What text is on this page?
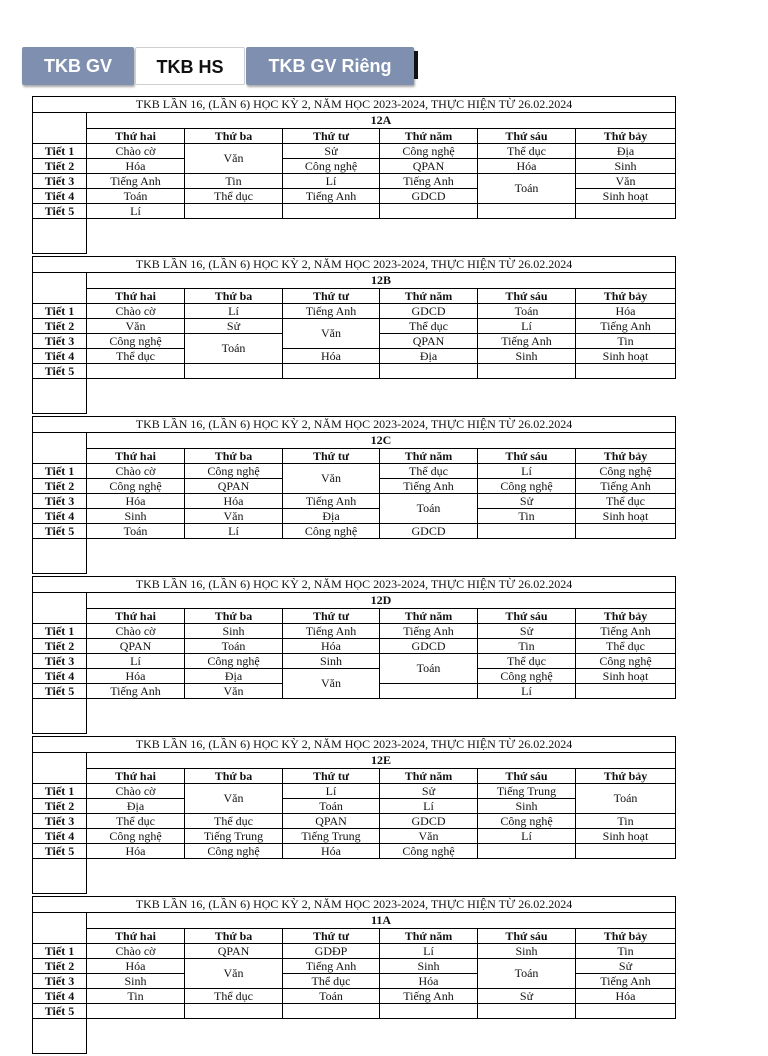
TKB GV	TKB HS	TKB GV Riêng
TKB LẦN 16, (LẦN 6) HỌC KỲ 2, NĂM HỌC 2023-2024, THỰC HIỆN TỪ 26.02.2024						
	12A					
	Thứ hai	Thứ ba	Thứ tư	Thứ năm	Thứ sáu	Thứ bảy
Tiết 1	Chào cờ	Văn	Sử	Công nghệ	Thể dục	Địa
Tiết 2	Hóa		Công nghệ	QPAN	Hóa	Sinh
Tiết 3	Tiếng Anh	Tin	Lí	Tiếng Anh	Toán	Văn
Tiết 4	Toán	Thể dục	Tiếng Anh	GDCD		Sinh hoạt
Tiết 5	Lí					

TKB LẦN 16, (LẦN 6) HỌC KỲ 2, NĂM HỌC 2023-2024, THỰC HIỆN TỪ 26.02.2024						
	12B					
	Thứ hai	Thứ ba	Thứ tư	Thứ năm	Thứ sáu	Thứ bảy
Tiết 1	Chào cờ	Lí	Tiếng Anh	GDCD	Toán	Hóa
Tiết 2	Văn	Sử	Văn	Thể dục	Lí	Tiếng Anh
Tiết 3	Công nghệ	Toán		QPAN	Tiếng Anh	Tin
Tiết 4	Thể dục		Hóa	Địa	Sinh	Sinh hoạt
Tiết 5						

TKB LẦN 16, (LẦN 6) HỌC KỲ 2, NĂM HỌC 2023-2024, THỰC HIỆN TỪ 26.02.2024						
	12C					
	Thứ hai	Thứ ba	Thứ tư	Thứ năm	Thứ sáu	Thứ bảy
Tiết 1	Chào cờ	Công nghệ	Văn	Thể dục	Lí	Công nghệ
Tiết 2	Công nghệ	QPAN		Tiếng Anh	Công nghệ	Tiếng Anh
Tiết 3	Hóa	Hóa	Tiếng Anh	Toán	Sử	Thể dục
Tiết 4	Sinh	Văn	Địa		Tin	Sinh hoạt
Tiết 5	Toán	Lí	Công nghệ	GDCD		

TKB LẦN 16, (LẦN 6) HỌC KỲ 2, NĂM HỌC 2023-2024, THỰC HIỆN TỪ 26.02.2024						
	12D					
	Thứ hai	Thứ ba	Thứ tư	Thứ năm	Thứ sáu	Thứ bảy
Tiết 1	Chào cờ	Sinh	Tiếng Anh	Tiếng Anh	Sử	Tiếng Anh
Tiết 2	QPAN	Toán	Hóa	GDCD	Tin	Thể dục
Tiết 3	Lí	Công nghệ	Sinh	Toán	Thể dục	Công nghệ
Tiết 4	Hóa	Địa	Văn		Công nghệ	Sinh hoạt
Tiết 5	Tiếng Anh	Văn			Lí	

TKB LẦN 16, (LẦN 6) HỌC KỲ 2, NĂM HỌC 2023-2024, THỰC HIỆN TỪ 26.02.2024						
	12E					
	Thứ hai	Thứ ba	Thứ tư	Thứ năm	Thứ sáu	Thứ bảy
Tiết 1	Chào cờ	Văn	Lí	Sử	Tiếng Trung	Toán
Tiết 2	Địa		Toán	Lí	Sinh	
Tiết 3	Thể dục	Thể dục	QPAN	GDCD	Công nghệ	Tin
Tiết 4	Công nghệ	Tiếng Trung	Tiếng Trung	Văn	Lí	Sinh hoạt
Tiết 5	Hóa	Công nghệ	Hóa	Công nghệ		

TKB LẦN 16, (LẦN 6) HỌC KỲ 2, NĂM HỌC 2023-2024, THỰC HIỆN TỪ 26.02.2024						
	11A					
	Thứ hai	Thứ ba	Thứ tư	Thứ năm	Thứ sáu	Thứ bảy
Tiết 1	Chào cờ	QPAN	GDĐP	Lí	Sinh	Tin
Tiết 2	Hóa	Văn	Tiếng Anh	Sinh	Toán	Sử
Tiết 3	Sinh		Thể dục	Hóa		Tiếng Anh
Tiết 4	Tin	Thể dục	Toán	Tiếng Anh	Sử	Hóa
Tiết 5						
